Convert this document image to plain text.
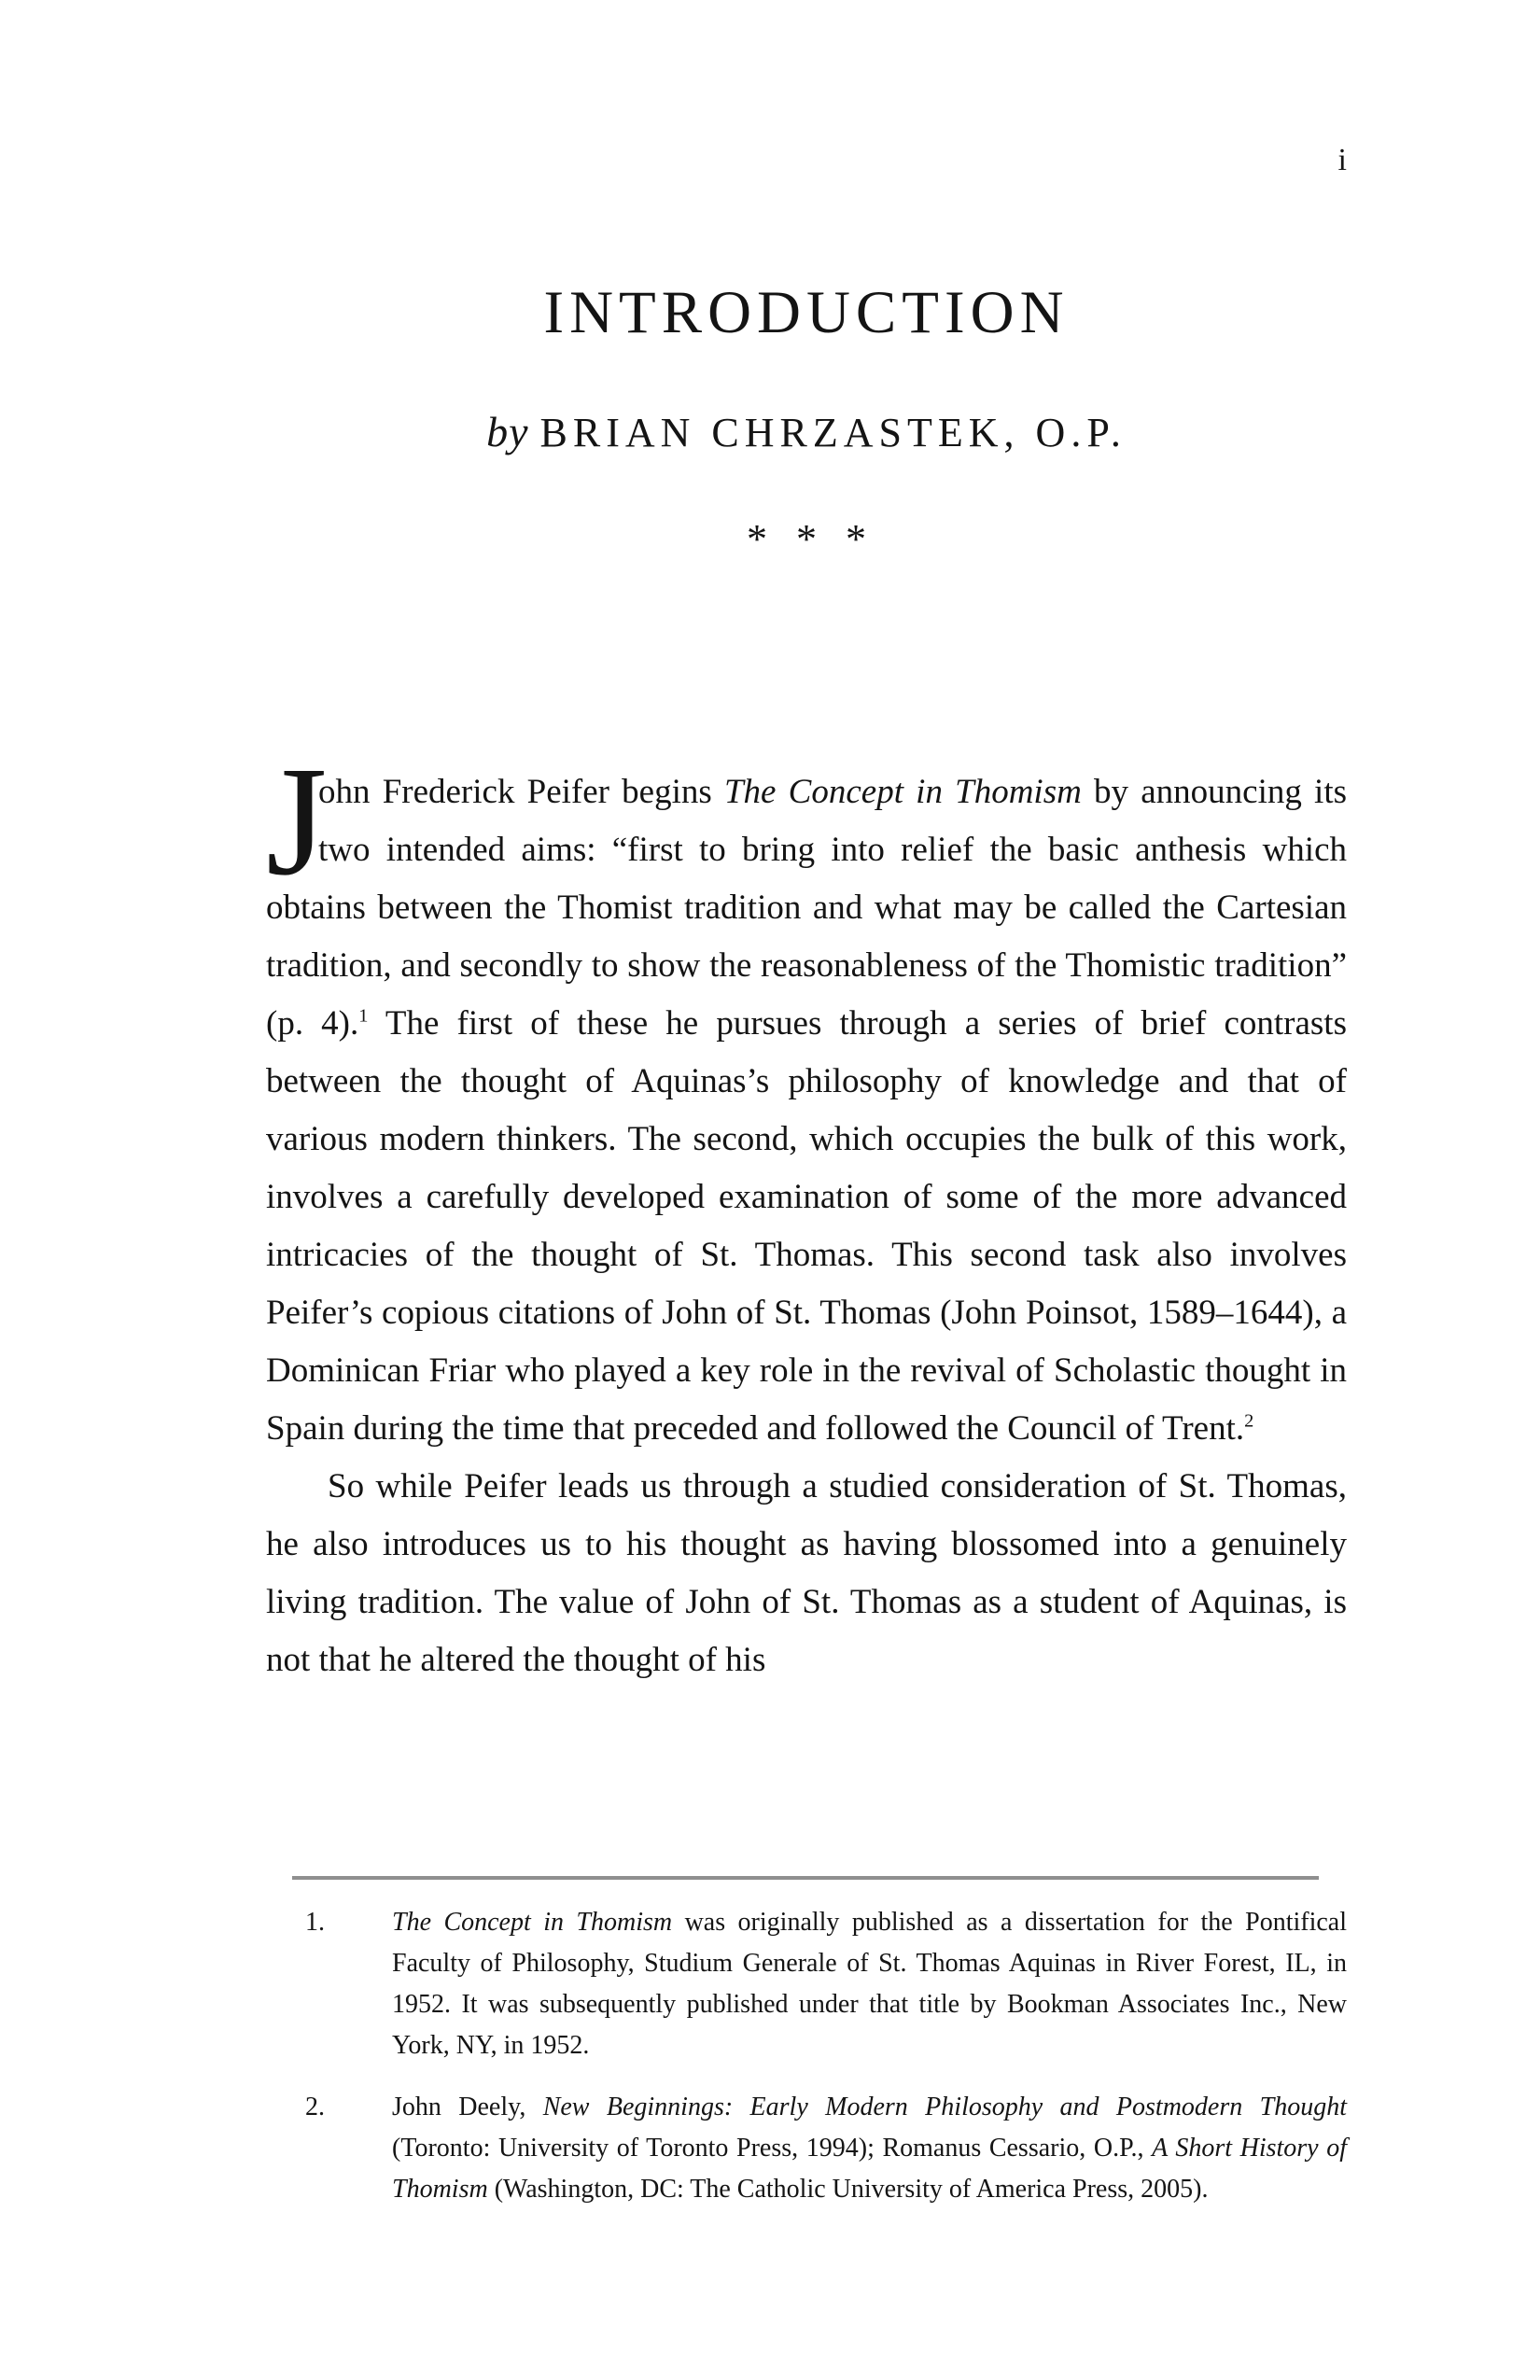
i
INTRODUCTION
by BRIAN CHRZASTEK, O.P.
* * *

J
ohn Frederick Peifer begins The Concept in Thomism by announcing its two intended aims: “first to bring into relief the basic anthesis which obtains between the Thomist tradition and what may be called the Cartesian tradition, and secondly to show the reasonableness of the Thomistic tradition” (p. 4).$^1$ The first of these he pursues through a series of brief contrasts between the thought of Aquinas’s philosophy of knowledge and that of various modern thinkers. The second, which occupies the bulk of this work, involves a carefully developed examination of some of the more advanced intricacies of the thought of St. Thomas. This second task also involves Peifer’s copious citations of John of St. Thomas (John Poinsot, 1589–1644), a Dominican Friar who played a key role in the revival of Scholastic thought in Spain during the time that preceded and followed the Council of Trent.$^2$

So while Peifer leads us through a studied consideration of St. Thomas, he also introduces us to his thought as having blossomed into a genuinely living tradition. The value of John of St. Thomas as a student of Aquinas, is not that he altered the thought of his

1.	The Concept in Thomism was originally published as a dissertation for the Pontifical Faculty of Philosophy, Studium Generale of St. Thomas Aquinas in River Forest, IL, in 1952. It was subsequently published under that title by Bookman Associates Inc., New York, NY, in 1952.
2.	John Deely, New Beginnings: Early Modern Philosophy and Postmodern Thought (Toronto: University of Toronto Press, 1994); Romanus Cessario, O.P., A Short History of Thomism (Washington, DC: The Catholic University of America Press, 2005).
